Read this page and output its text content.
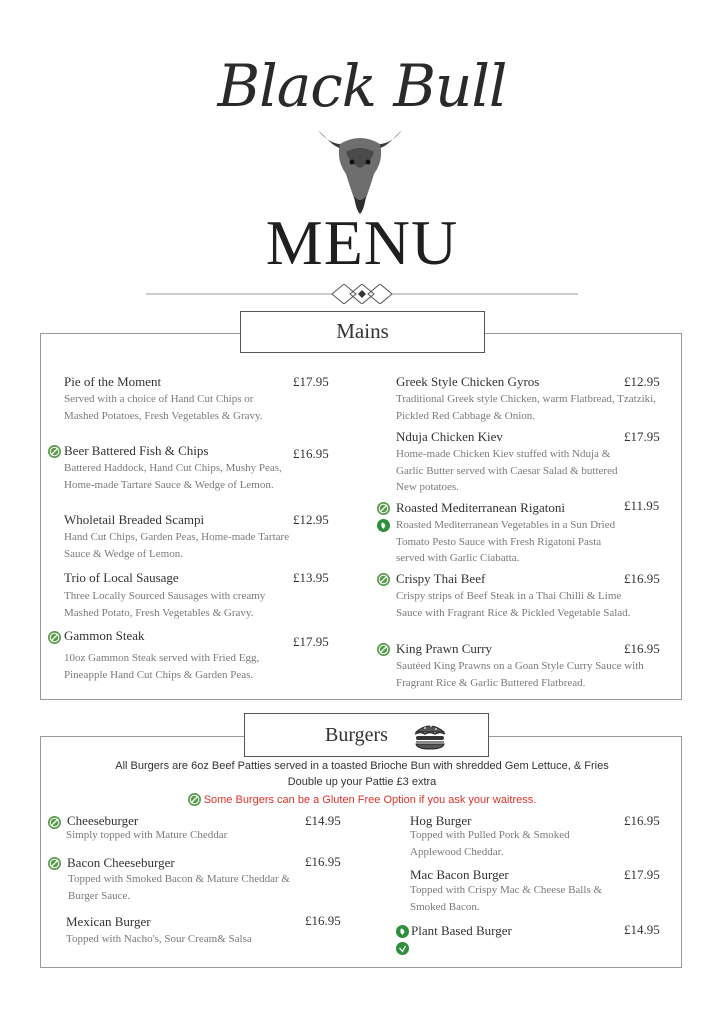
Black Bull
MENU
Mains
Pie of the Moment	£17.95
Served with a choice of Hand Cut Chips or Mashed Potatoes, Fresh Vegetables & Gravy.
Beer Battered Fish & Chips	£16.95
Battered Haddock, Hand Cut Chips, Mushy Peas, Home-made Tartare Sauce & Wedge of Lemon.
Wholetail Breaded Scampi	£12.95
Hand Cut Chips, Garden Peas, Home-made Tartare Sauce & Wedge of Lemon.
Trio of Local Sausage	£13.95
Three Locally Sourced Sausages with creamy Mashed Potato, Fresh Vegetables & Gravy.
Gammon Steak	£17.95
10oz Gammon Steak served with Fried Egg, Pineapple Hand Cut Chips & Garden Peas.
Greek Style Chicken Gyros	£12.95
Traditional Greek style Chicken, warm Flatbread, Tzatziki, Pickled Red Cabbage & Onion.
Nduja Chicken Kiev	£17.95
Home-made Chicken Kiev stuffed with Nduja & Garlic Butter served with Caesar Salad & buttered New potatoes.
Roasted Mediterranean Rigatoni	£11.95
Roasted Mediterranean Vegetables in a Sun Dried Tomato Pesto Sauce with Fresh Rigatoni Pasta served with Garlic Ciabatta.
Crispy Thai Beef	£16.95
Crispy strips of Beef Steak in a Thai Chilli & Lime Sauce with Fragrant Rice & Pickled Vegetable Salad.
King Prawn Curry	£16.95
Sautéed King Prawns on a Goan Style Curry Sauce with Fragrant Rice & Garlic Buttered Flatbread.
Burgers
All Burgers are 6oz Beef Patties served in a toasted Brioche Bun with shredded Gem Lettuce, & Fries
Double up your Pattie £3 extra
Some Burgers can be a Gluten Free Option if you ask your waitress.
Cheeseburger	£14.95
Simply topped with Mature Cheddar
Bacon Cheeseburger	£16.95
Topped with Smoked Bacon & Mature Cheddar & Burger Sauce.
Mexican Burger	£16.95
Topped with Nacho's, Sour Cream& Salsa
Hog Burger	£16.95
Topped with Pulled Pork & Smoked Applewood Cheddar.
Mac Bacon Burger	£17.95
Topped with Crispy Mac & Cheese Balls & Smoked Bacon.
Plant Based Burger	£14.95
